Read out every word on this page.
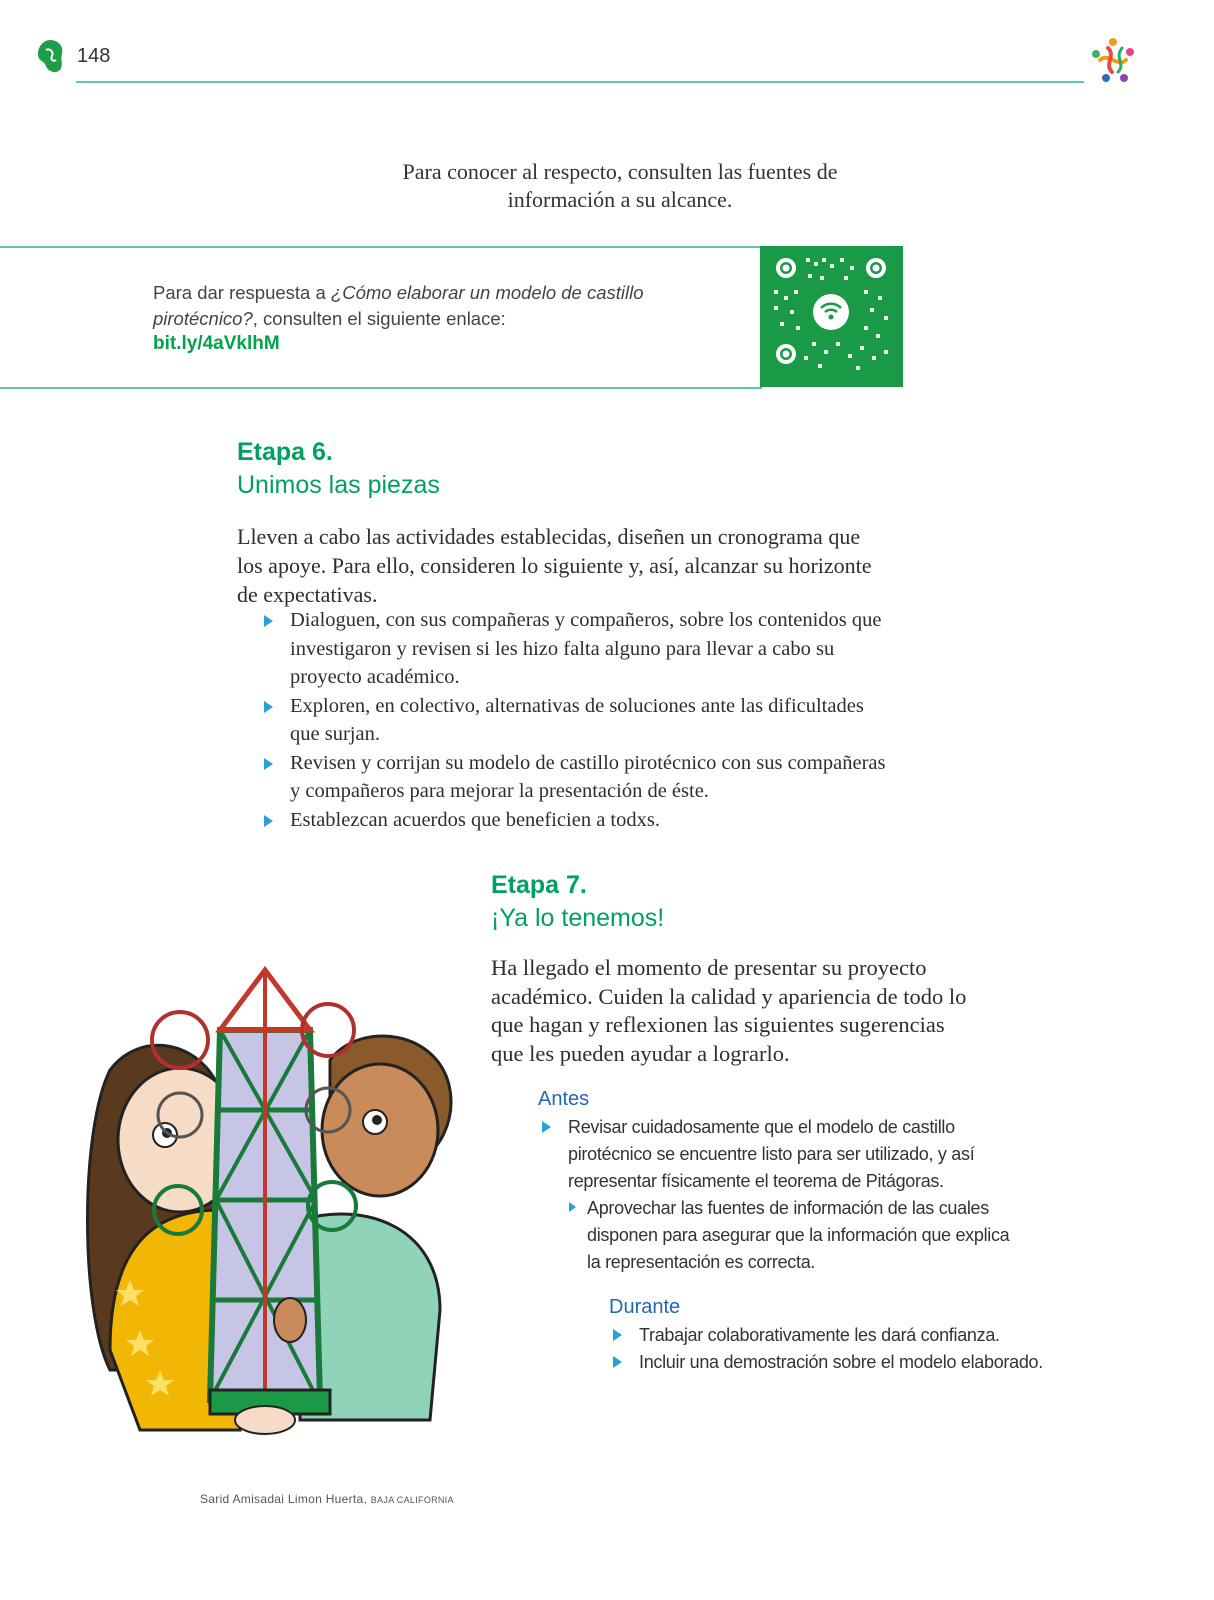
148
Para conocer al respecto, consulten las fuentes de información a su alcance.
Para dar respuesta a ¿Cómo elaborar un modelo de castillo pirotécnico?, consulten el siguiente enlace:
bit.ly/4aVklhM
Etapa 6.
Unimos las piezas
Lleven a cabo las actividades establecidas, diseñen un cronograma que los apoye. Para ello, consideren lo siguiente y, así, alcanzar su horizonte de expectativas.
Dialoguen, con sus compañeras y compañeros, sobre los contenidos que investigaron y revisen si les hizo falta alguno para llevar a cabo su proyecto académico.
Exploren, en colectivo, alternativas de soluciones ante las dificultades que surjan.
Revisen y corrijan su modelo de castillo pirotécnico con sus compañeras y compañeros para mejorar la presentación de éste.
Establezcan acuerdos que beneficien a todxs.
Etapa 7.
¡Ya lo tenemos!
Ha llegado el momento de presentar su proyecto académico. Cuiden la calidad y apariencia de todo lo que hagan y reflexionen las siguientes sugerencias que les pueden ayudar a lograrlo.
Antes
Revisar cuidadosamente que el modelo de castillo pirotécnico se encuentre listo para ser utilizado, y así representar físicamente el teorema de Pitágoras.
Aprovechar las fuentes de información de las cuales disponen para asegurar que la información que explica la representación es correcta.
Durante
Trabajar colaborativamente les dará confianza.
Incluir una demostración sobre el modelo elaborado.
Sarid Amisadai Limon Huerta, BAJA CALIFORNIA
